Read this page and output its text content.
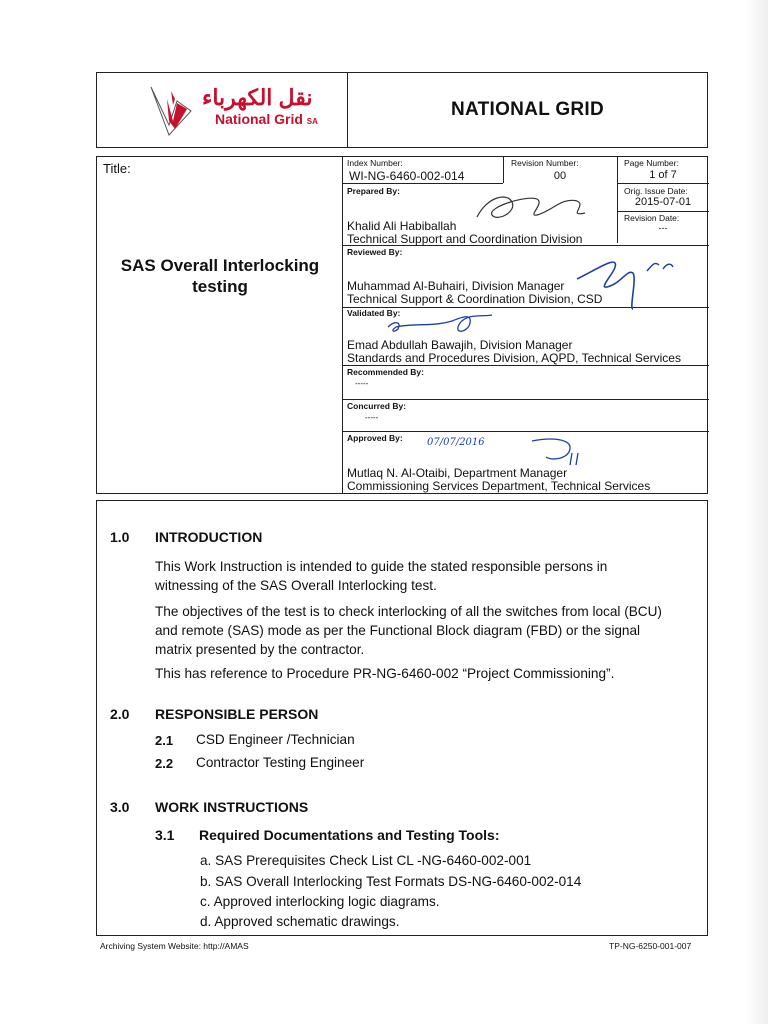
نقل الكهرباء
National Grid SA
NATIONAL GRID
Title:
SAS Overall Interlocking
testing
Index Number:
WI-NG-6460-002-014
Revision Number:
00
Page Number:
1 of 7
Prepared By:
Khalid Ali Habiballah
Technical Support and Coordination Division
Orig. Issue Date:
2015-07-01
Revision Date:
---
Reviewed By:
Muhammad Al-Buhairi, Division Manager
Technical Support & Coordination Division, CSD
Validated By:
Emad Abdullah Bawajih, Division Manager
Standards and Procedures Division, AQPD, Technical Services
Recommended By:
-----
Concurred By:
-----
Approved By:
Mutlaq N. Al-Otaibi, Department Manager
Commissioning Services Department, Technical Services
07/07/2016
1.0 INTRODUCTION
This Work Instruction is intended to guide the stated responsible persons in
witnessing of the SAS Overall Interlocking test.
The objectives of the test is to check interlocking of all the switches from local (BCU)
and remote (SAS) mode as per the Functional Block diagram (FBD) or the signal
matrix presented by the contractor.
This has reference to Procedure PR-NG-6460-002 “Project Commissioning”.
2.0 RESPONSIBLE PERSON
2.1 CSD Engineer /Technician
2.2 Contractor Testing Engineer
3.0 WORK INSTRUCTIONS
3.1 Required Documentations and Testing Tools:
a. SAS Prerequisites Check List CL -NG-6460-002-001
b. SAS Overall Interlocking Test Formats DS-NG-6460-002-014
c. Approved interlocking logic diagrams.
d. Approved schematic drawings.
Archiving System Website: http://AMAS	TP-NG-6250-001-007
